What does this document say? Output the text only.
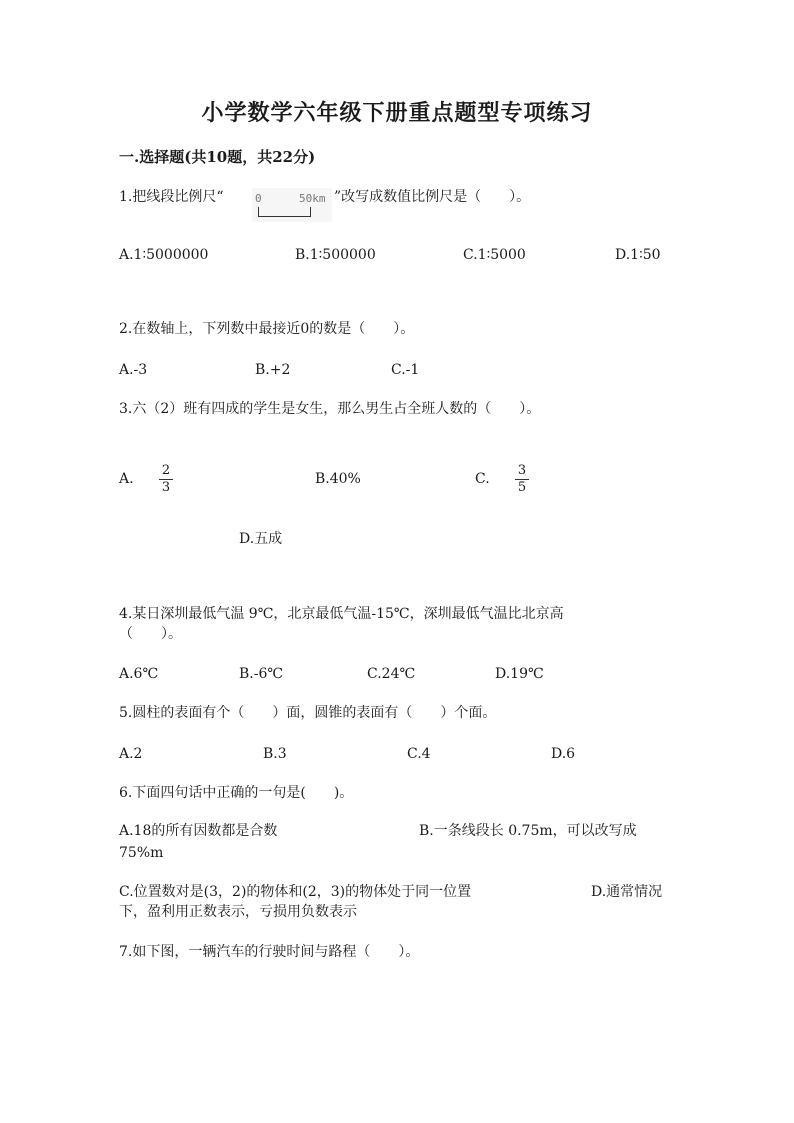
小学数学六年级下册重点题型专项练习
一.选择题(共10题，共22分)
1.把线段比例尺“	0	50km ”改写成数值比例尺是（　　）。
A.1∶5000000	B.1∶500000	C.1∶5000	D.1∶50
2.在数轴上，下列数中最接近0的数是（　　）。
A.-3	B.+2	C.-1
3.六（2）班有四成的学生是女生，那么男生占全班人数的（　　）。
A. $\frac{2}{3}$	B.40%	C. $\frac{3}{5}$
D.五成
4.某日深圳最低气温 9℃，北京最低气温-15℃，深圳最低气温比北京高
（　　）。
A.6℃	B.-6℃	C.24℃	D.19℃
5.圆柱的表面有个（　　）面，圆锥的表面有（　　）个面。
A.2	B.3	C.4	D.6
6.下面四句话中正确的一句是(　　)。
A.18的所有因数都是合数	B.一条线段长 0.75m，可以改写成
75%m
C.位置数对是(3，2)的物体和(2，3)的物体处于同一位置	D.通常情况
下，盈利用正数表示，亏损用负数表示
7.如下图，一辆汽车的行驶时间与路程（　　）。
